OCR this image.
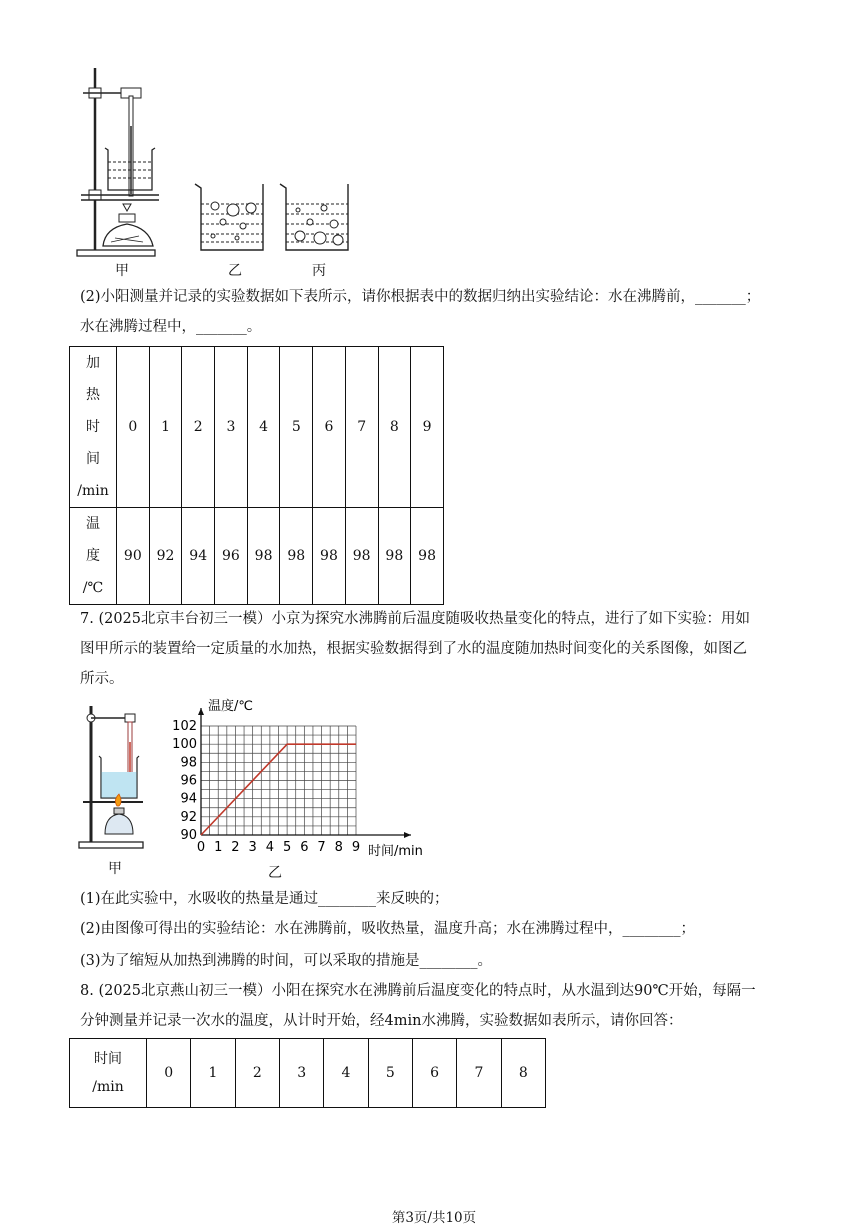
甲	乙	丙
(2)小阳测量并记录的实验数据如下表所示，请你根据表中的数据归纳出实验结论：水在沸腾前，_______；
水在沸腾过程中，_______。
加
热
时
间
/min	0	1	2	3	4	5	6	7	8	9

温
度
/℃	90	92	94	96	98	98	98	98	98	98
7. (2025北京丰台初三一模）小京为探究水沸腾前后温度随吸收热量变化的特点，进行了如下实验：用如
图甲所示的装置给一定质量的水加热，根据实验数据得到了水的温度随加热时间变化的关系图像，如图乙
所示。
甲
0 1 2 3 4 5 6 7 8 9
90
92
94
96
98
100
102
温度/℃
时间/min
乙
(1)在此实验中，水吸收的热量是通过________来反映的；
(2)由图像可得出的实验结论：水在沸腾前，吸收热量，温度升高；水在沸腾过程中，________；
(3)为了缩短从加热到沸腾的时间，可以采取的措施是________。
8. (2025北京燕山初三一模）小阳在探究水在沸腾前后温度变化的特点时，从水温到达90℃开始，每隔一
分钟测量并记录一次水的温度，从计时开始，经4min水沸腾，实验数据如表所示，请你回答：
时间
/min
	0	1	2	3	4	5	6	7	8
第3页/共10页
